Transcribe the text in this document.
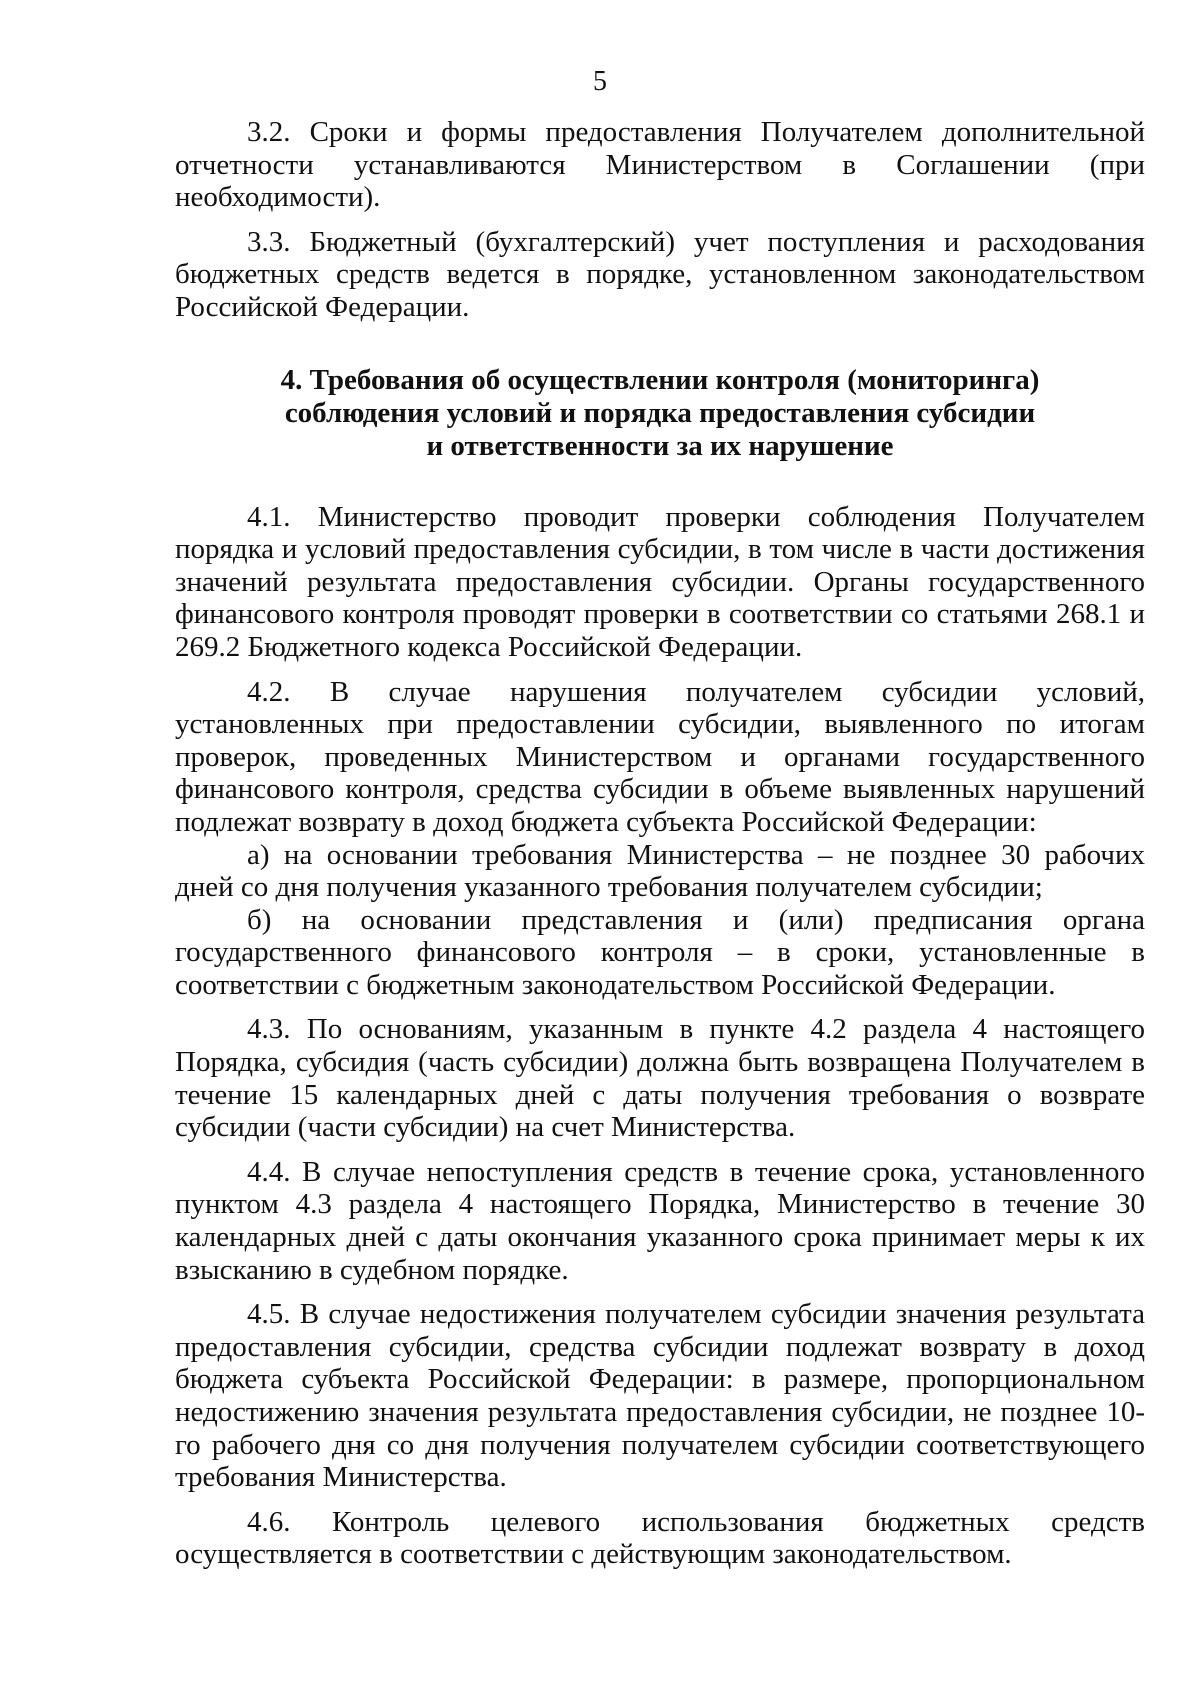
5

3.2. Сроки и формы предоставления Получателем дополнительной отчетности устанавливаются Министерством в Соглашении (при необходимости).

3.3. Бюджетный (бухгалтерский) учет поступления и расходования бюджетных средств ведется в порядке, установленном законодательством Российской Федерации.

4. Требования об осуществлении контроля (мониторинга)
соблюдения условий и порядка предоставления субсидии
и ответственности за их нарушение

4.1. Министерство проводит проверки соблюдения Получателем порядка и условий предоставления субсидии, в том числе в части достижения значений результата предоставления субсидии. Органы государственного финансового контроля проводят проверки в соответствии со статьями 268.1 и 269.2 Бюджетного кодекса Российской Федерации.

4.2. В случае нарушения получателем субсидии условий, установленных при предоставлении субсидии, выявленного по итогам проверок, проведенных Министерством и органами государственного финансового контроля, средства субсидии в объеме выявленных нарушений подлежат возврату в доход бюджета субъекта Российской Федерации:

а) на основании требования Министерства – не позднее 30 рабочих дней со дня получения указанного требования получателем субсидии;

б) на основании представления и (или) предписания органа государственного финансового контроля – в сроки, установленные в соответствии с бюджетным законодательством Российской Федерации.

4.3. По основаниям, указанным в пункте 4.2 раздела 4 настоящего Порядка, субсидия (часть субсидии) должна быть возвращена Получателем в течение 15 календарных дней с даты получения требования о возврате субсидии (части субсидии) на счет Министерства.

4.4. В случае непоступления средств в течение срока, установленного пунктом 4.3 раздела 4 настоящего Порядка, Министерство в течение 30 календарных дней с даты окончания указанного срока принимает меры к их взысканию в судебном порядке.

4.5. В случае недостижения получателем субсидии значения результата предоставления субсидии, средства субсидии подлежат возврату в доход бюджета субъекта Российской Федерации: в размере, пропорциональном недостижению значения результата предоставления субсидии, не позднее 10-го рабочего дня со дня получения получателем субсидии соответствующего требования Министерства.

4.6. Контроль целевого использования бюджетных средств осуществляется в соответствии с действующим законодательством.
